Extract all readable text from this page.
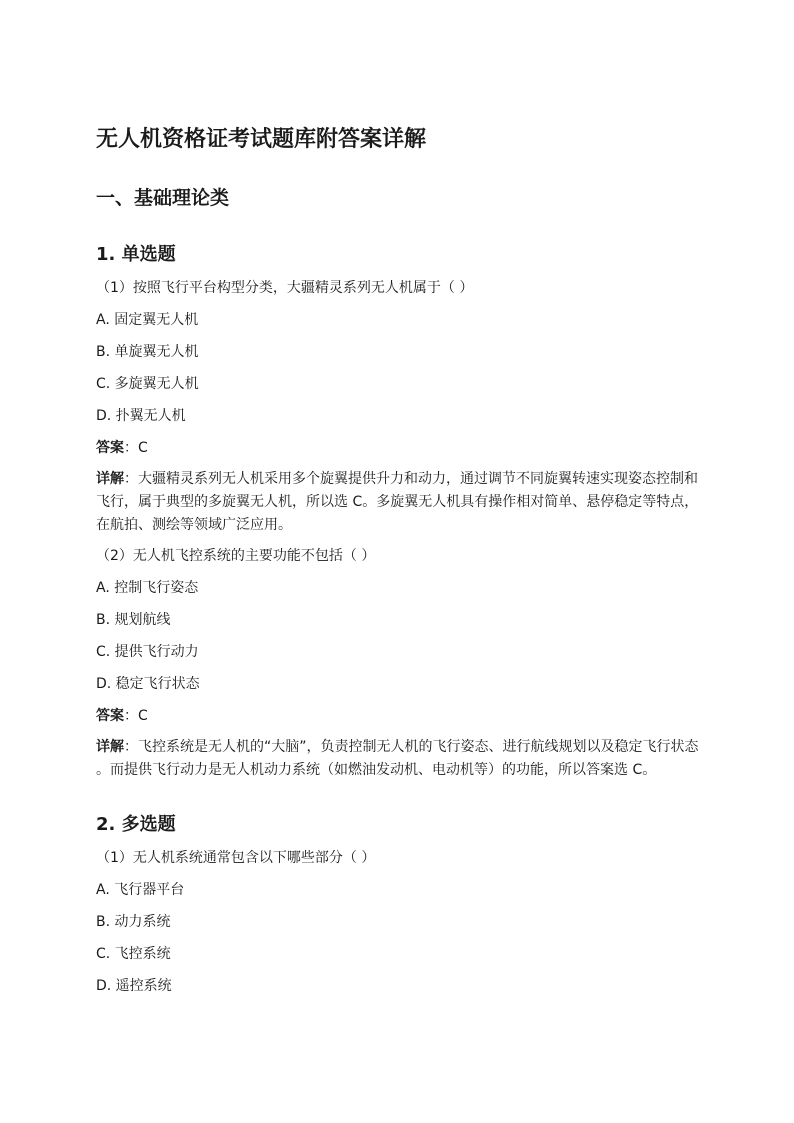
无人机资格证考试题库附答案详解
一、基础理论类
1. 单选题

（1）按照飞行平台构型分类，大疆精灵系列无人机属于（ ）

A. 固定翼无人机

B. 单旋翼无人机

C. 多旋翼无人机

D. 扑翼无人机

答案：C

详解：大疆精灵系列无人机采用多个旋翼提供升力和动力，通过调节不同旋翼转速实现姿态控制和飞行，属于典型的多旋翼无人机，所以选 C。多旋翼无人机具有操作相对简单、悬停稳定等特点，在航拍、测绘等领域广泛应用。

（2）无人机飞控系统的主要功能不包括（ ）

A. 控制飞行姿态

B. 规划航线

C. 提供飞行动力

D. 稳定飞行状态

答案：C

详解：飞控系统是无人机的“大脑”，负责控制无人机的飞行姿态、进行航线规划以及稳定飞行状态 。而提供飞行动力是无人机动力系统（如燃油发动机、电动机等）的功能，所以答案选 C。

2. 多选题

（1）无人机系统通常包含以下哪些部分（ ）

A. 飞行器平台

B. 动力系统

C. 飞控系统

D. 遥控系统
